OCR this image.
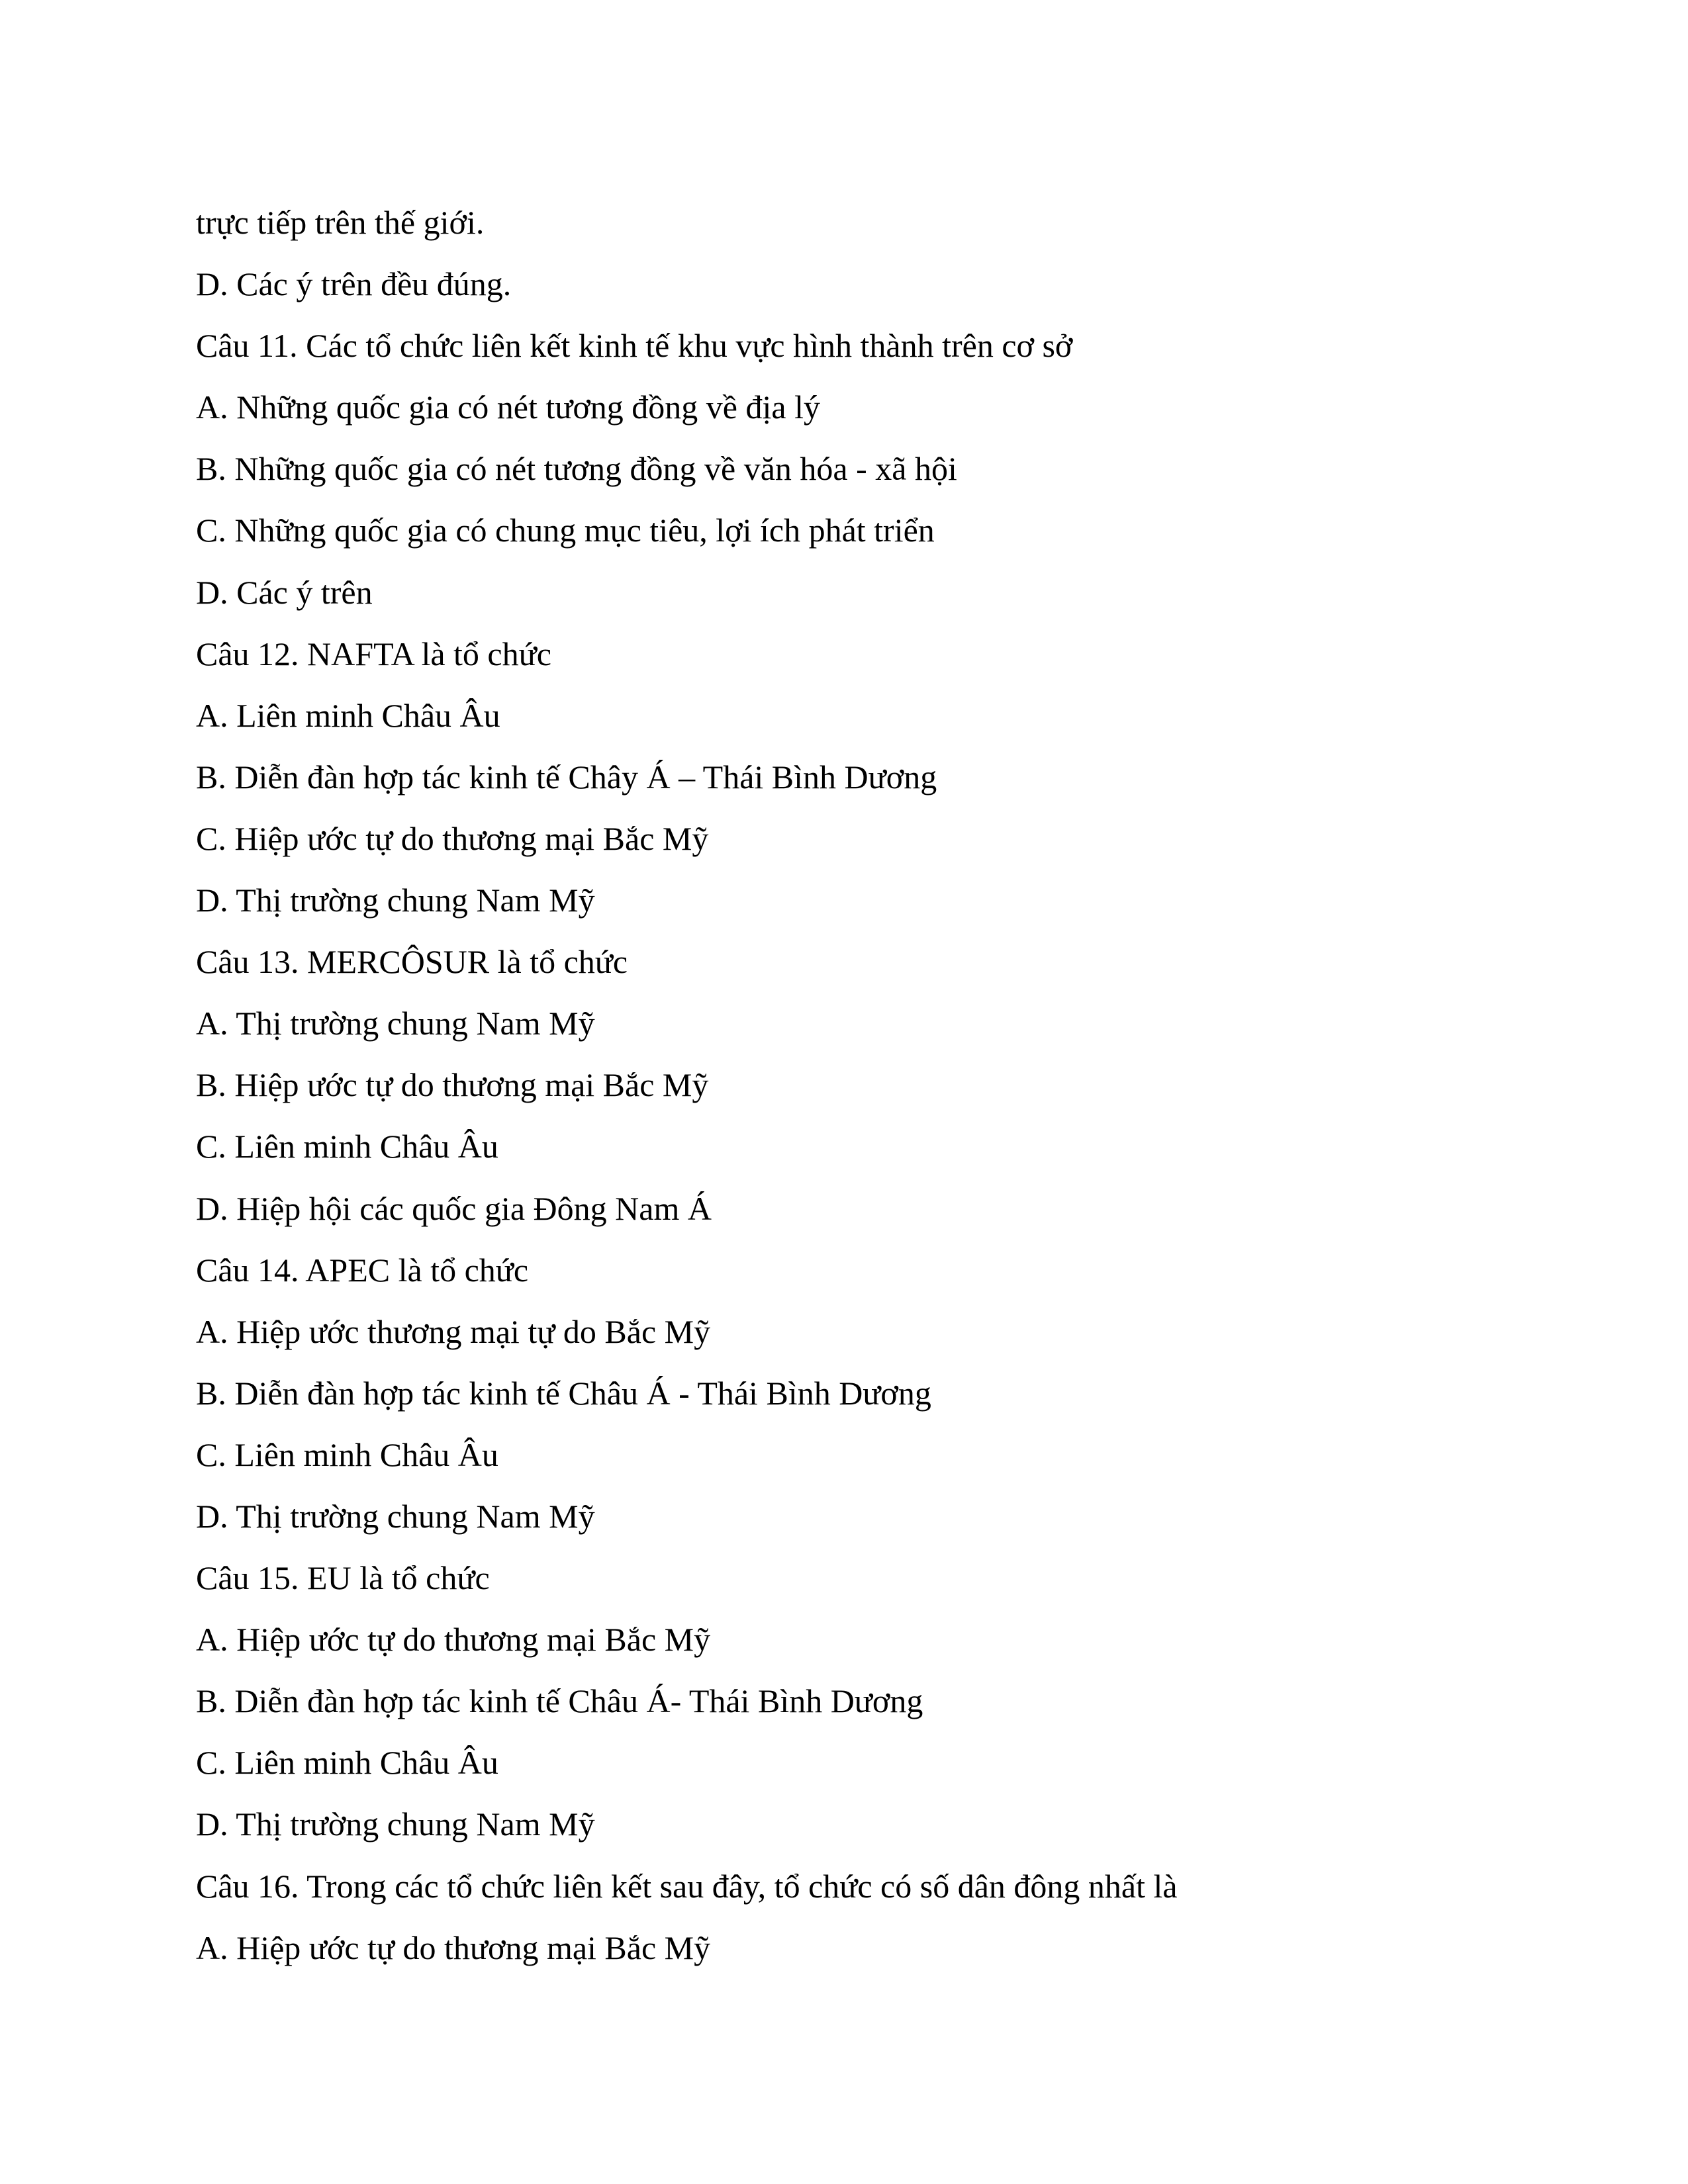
trực tiếp trên thế giới.
D. Các ý trên đều đúng.
Câu 11. Các tổ chức liên kết kinh tế khu vực hình thành trên cơ sở
A. Những quốc gia có nét tương đồng về địa lý
B. Những quốc gia có nét tương đồng về văn hóa - xã hội
C. Những quốc gia có chung mục tiêu, lợi ích phát triển
D. Các ý trên
Câu 12. NAFTA là tổ chức
A. Liên minh Châu Âu
B. Diễn đàn hợp tác kinh tế Chây Á – Thái Bình Dương
C. Hiệp ước tự do thương mại Bắc Mỹ
D. Thị trường chung Nam Mỹ
Câu 13. MERCÔSUR là tổ chức
A. Thị trường chung Nam Mỹ
B. Hiệp ước tự do thương mại Bắc Mỹ
C. Liên minh Châu Âu
D. Hiệp hội các quốc gia Đông Nam Á
Câu 14. APEC là tổ chức
A. Hiệp ước thương mại tự do Bắc Mỹ
B. Diễn đàn hợp tác kinh tế Châu Á - Thái Bình Dương
C. Liên minh Châu Âu
D. Thị trường chung Nam Mỹ
Câu 15. EU là tổ chức
A. Hiệp ước tự do thương mại Bắc Mỹ
B. Diễn đàn hợp tác kinh tế Châu Á- Thái Bình Dương
C. Liên minh Châu Âu
D. Thị trường chung Nam Mỹ
Câu 16. Trong các tổ chức liên kết sau đây, tổ chức có số dân đông nhất là
A. Hiệp ước tự do thương mại Bắc Mỹ
